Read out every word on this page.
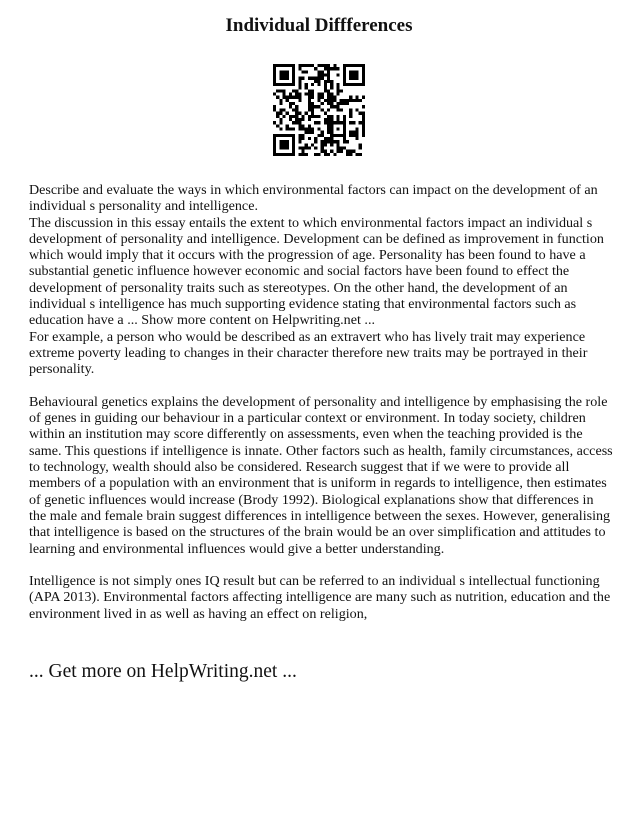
Individual Diffferences

Describe and evaluate the ways in which environmental factors can impact on the development of an individual s personality and intelligence.

The discussion in this essay entails the extent to which environmental factors impact an individual s development of personality and intelligence. Development can be defined as improvement in function which would imply that it occurs with the progression of age. Personality has been found to have a substantial genetic influence however economic and social factors have been found to effect the development of personality traits such as stereotypes. On the other hand, the development of an individual s intelligence has much supporting evidence stating that environmental factors such as education have a ... Show more content on Helpwriting.net ...

For example, a person who would be described as an extravert who has lively trait may experience extreme poverty leading to changes in their character therefore new traits may be portrayed in their personality.

Behavioural genetics explains the development of personality and intelligence by emphasising the role of genes in guiding our behaviour in a particular context or environment. In today society, children within an institution may score differently on assessments, even when the teaching provided is the same. This questions if intelligence is innate. Other factors such as health, family circumstances, access to technology, wealth should also be considered. Research suggest that if we were to provide all members of a population with an environment that is uniform in regards to intelligence, then estimates of genetic influences would increase (Brody 1992). Biological explanations show that differences in the male and female brain suggest differences in intelligence between the sexes. However, generalising that intelligence is based on the structures of the brain would be an over simplification and attitudes to learning and environmental influences would give a better understanding.

Intelligence is not simply ones IQ result but can be referred to an individual s intellectual functioning (APA 2013). Environmental factors affecting intelligence are many such as nutrition, education and the environment lived in as well as having an effect on religion,

... Get more on HelpWriting.net ...
